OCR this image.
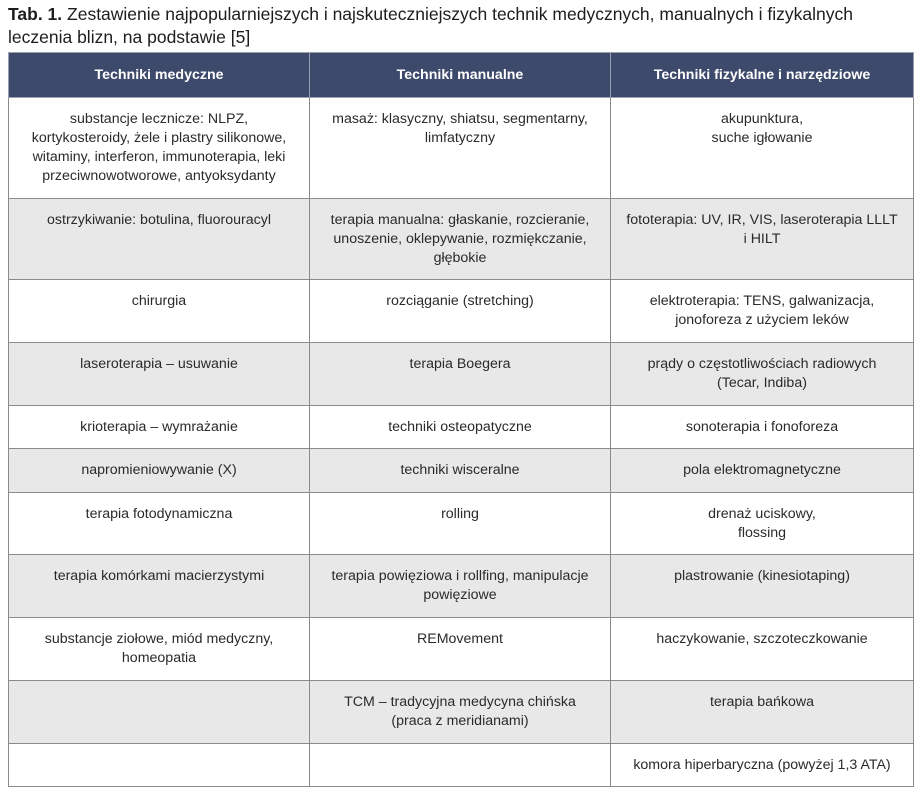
Tab. 1. Zestawienie najpopularniejszych i najskuteczniejszych technik medycznych, manualnych i fizykalnych leczenia blizn, na podstawie [5]
Techniki medyczne	Techniki manualne	Techniki fizykalne i narzędziowe

substancje lecznicze: NLPZ, kortykosteroidy, żele i plastry silikonowe, witaminy, interferon, immunoterapia, leki przeciwnowotworowe, antyoksydanty	masaż: klasyczny, shiatsu, segmentarny, limfatyczny	akupunktura,
suche igłowanie

ostrzykiwanie: botulina, fluorouracyl	terapia manualna: głaskanie, rozcieranie, unoszenie, oklepywanie, rozmiękczanie, głębokie	fototerapia: UV, IR, VIS, laseroterapia LLLT i HILT

chirurgia	rozciąganie (stretching)	elektroterapia: TENS, galwanizacja, jonoforeza z użyciem leków

laseroterapia – usuwanie	terapia Boegera	prądy o częstotliwościach radiowych (Tecar, Indiba)

krioterapia – wymrażanie	techniki osteopatyczne	sonoterapia i fonoforeza

napromieniowywanie (X)	techniki wisceralne	pola elektromagnetyczne

terapia fotodynamiczna	rolling	drenaż uciskowy,
flossing

terapia komórkami macierzystymi	terapia powięziowa i rollfing, manipulacje powięziowe	plastrowanie (kinesiotaping)

substancje ziołowe, miód medyczny, homeopatia	REMovement	haczykowanie, szczoteczkowanie

	TCM – tradycyjna medycyna chińska (praca z meridianami)	terapia bańkowa

		komora hiperbaryczna (powyżej 1,3 ATA)
